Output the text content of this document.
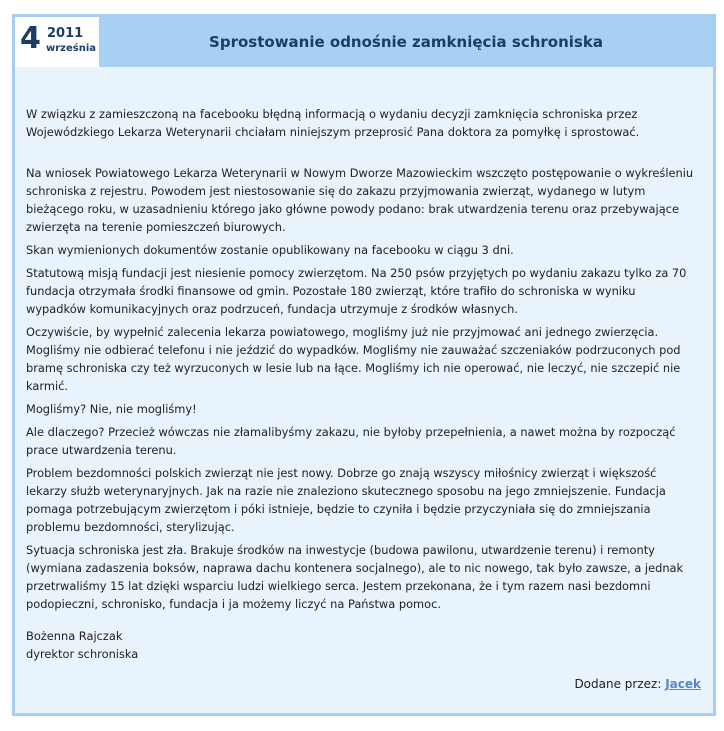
4 2011
września	Sprostowanie odnośnie zamknięcia schroniska

W związku z zamieszczoną na facebooku błędną informacją o wydaniu decyzji zamknięcia schroniska przez Wojewódzkiego Lekarza Weterynarii chciałam niniejszym przeprosić Pana doktora za pomyłkę i sprostować.

Na wniosek Powiatowego Lekarza Weterynarii w Nowym Dworze Mazowieckim wszczęto postępowanie o wykreśleniu schroniska z rejestru. Powodem jest niestosowanie się do zakazu przyjmowania zwierząt, wydanego w lutym bieżącego roku, w uzasadnieniu którego jako główne powody podano: brak utwardzenia terenu oraz przebywające zwierzęta na terenie pomieszczeń biurowych.

Skan wymienionych dokumentów zostanie opublikowany na facebooku w ciągu 3 dni.

Statutową misją fundacji jest niesienie pomocy zwierzętom. Na 250 psów przyjętych po wydaniu zakazu tylko za 70 fundacja otrzymała środki finansowe od gmin. Pozostałe 180 zwierząt, które trafiło do schroniska w wyniku wypadków komunikacyjnych oraz podrzuceń, fundacja utrzymuje z środków własnych.

Oczywiście, by wypełnić zalecenia lekarza powiatowego, mogliśmy już nie przyjmować ani jednego zwierzęcia. Mogliśmy nie odbierać telefonu i nie jeździć do wypadków. Mogliśmy nie zauważać szczeniaków podrzuconych pod bramę schroniska czy też wyrzuconych w lesie lub na łące. Mogliśmy ich nie operować, nie leczyć, nie szczepić nie karmić.

Mogliśmy? Nie, nie mogliśmy!

Ale dlaczego? Przecież wówczas nie złamalibyśmy zakazu, nie byłoby przepełnienia, a nawet można by rozpocząć prace utwardzenia terenu.

Problem bezdomności polskich zwierząt nie jest nowy. Dobrze go znają wszyscy miłośnicy zwierząt i większość lekarzy służb weterynaryjnych. Jak na razie nie znaleziono skutecznego sposobu na jego zmniejszenie. Fundacja pomaga potrzebującym zwierzętom i póki istnieje, będzie to czyniła i będzie przyczyniała się do zmniejszania problemu bezdomności, sterylizując.

Sytuacja schroniska jest zła. Brakuje środków na inwestycje (budowa pawilonu, utwardzenie terenu) i remonty (wymiana zadaszenia boksów, naprawa dachu kontenera socjalnego), ale to nic nowego, tak było zawsze, a jednak przetrwaliśmy 15 lat dzięki wsparciu ludzi wielkiego serca. Jestem przekonana, że i tym razem nasi bezdomni podopieczni, schronisko, fundacja i ja możemy liczyć na Państwa pomoc.

Bożenna Rajczak
dyrektor schroniska

Dodane przez: Jacek
